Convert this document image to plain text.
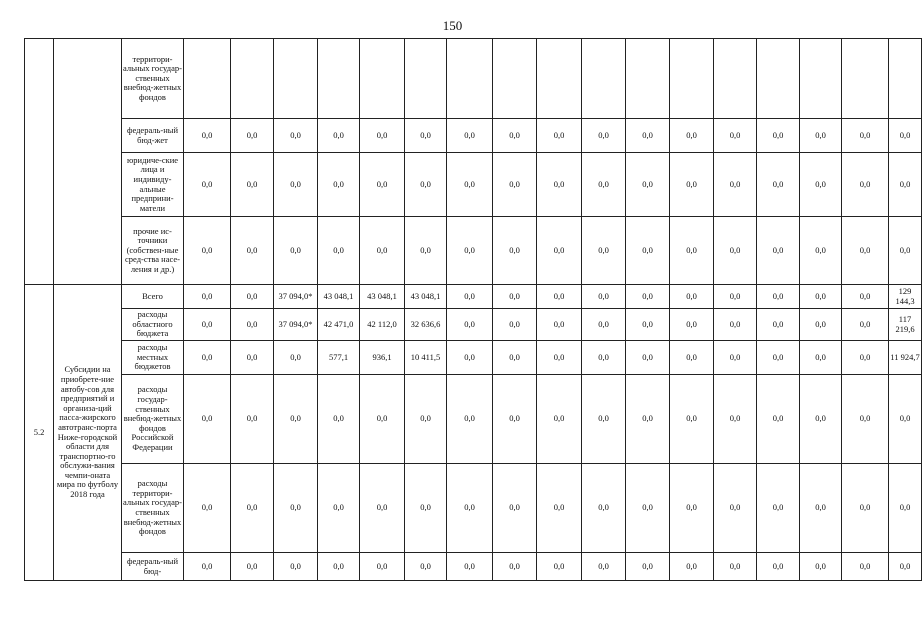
150
		территори-альных государ-ственных внебюд-жетных фондов																	
		федераль-ный бюд-жет	0,0	0,0	0,0	0,0	0,0	0,0	0,0	0,0	0,0	0,0	0,0	0,0	0,0	0,0	0,0	0,0	0,0
		юридиче-ские лица и индивиду-альные предприни-матели	0,0	0,0	0,0	0,0	0,0	0,0	0,0	0,0	0,0	0,0	0,0	0,0	0,0	0,0	0,0	0,0	0,0
		прочие ис-точники (собствен-ные сред-ства насе-ления и др.)	0,0	0,0	0,0	0,0	0,0	0,0	0,0	0,0	0,0	0,0	0,0	0,0	0,0	0,0	0,0	0,0	0,0
5.2	Субсидии на приобрете-ние автобу-сов для предприятий и организа-ций пасса-жирского автотранс-порта Ниже-городской области для транспортно-го обслужи-вания чемпи-оната мира по футболу 2018 года	Всего	0,0	0,0	37 094,0*	43 048,1	43 048,1	43 048,1	0,0	0,0	0,0	0,0	0,0	0,0	0,0	0,0	0,0	0,0	129 144,3
		расходы областного бюджета	0,0	0,0	37 094,0*	42 471,0	42 112,0	32 636,6	0,0	0,0	0,0	0,0	0,0	0,0	0,0	0,0	0,0	0,0	117 219,6
		расходы местных бюджетов	0,0	0,0	0,0	577,1	936,1	10 411,5	0,0	0,0	0,0	0,0	0,0	0,0	0,0	0,0	0,0	0,0	11 924,7
		расходы государ-ственных внебюд-жетных фондов Российской Федерации	0,0	0,0	0,0	0,0	0,0	0,0	0,0	0,0	0,0	0,0	0,0	0,0	0,0	0,0	0,0	0,0	0,0
		расходы территори-альных государ-ственных внебюд-жетных фондов	0,0	0,0	0,0	0,0	0,0	0,0	0,0	0,0	0,0	0,0	0,0	0,0	0,0	0,0	0,0	0,0	0,0
		федераль-ный бюд-	0,0	0,0	0,0	0,0	0,0	0,0	0,0	0,0	0,0	0,0	0,0	0,0	0,0	0,0	0,0	0,0	0,0
